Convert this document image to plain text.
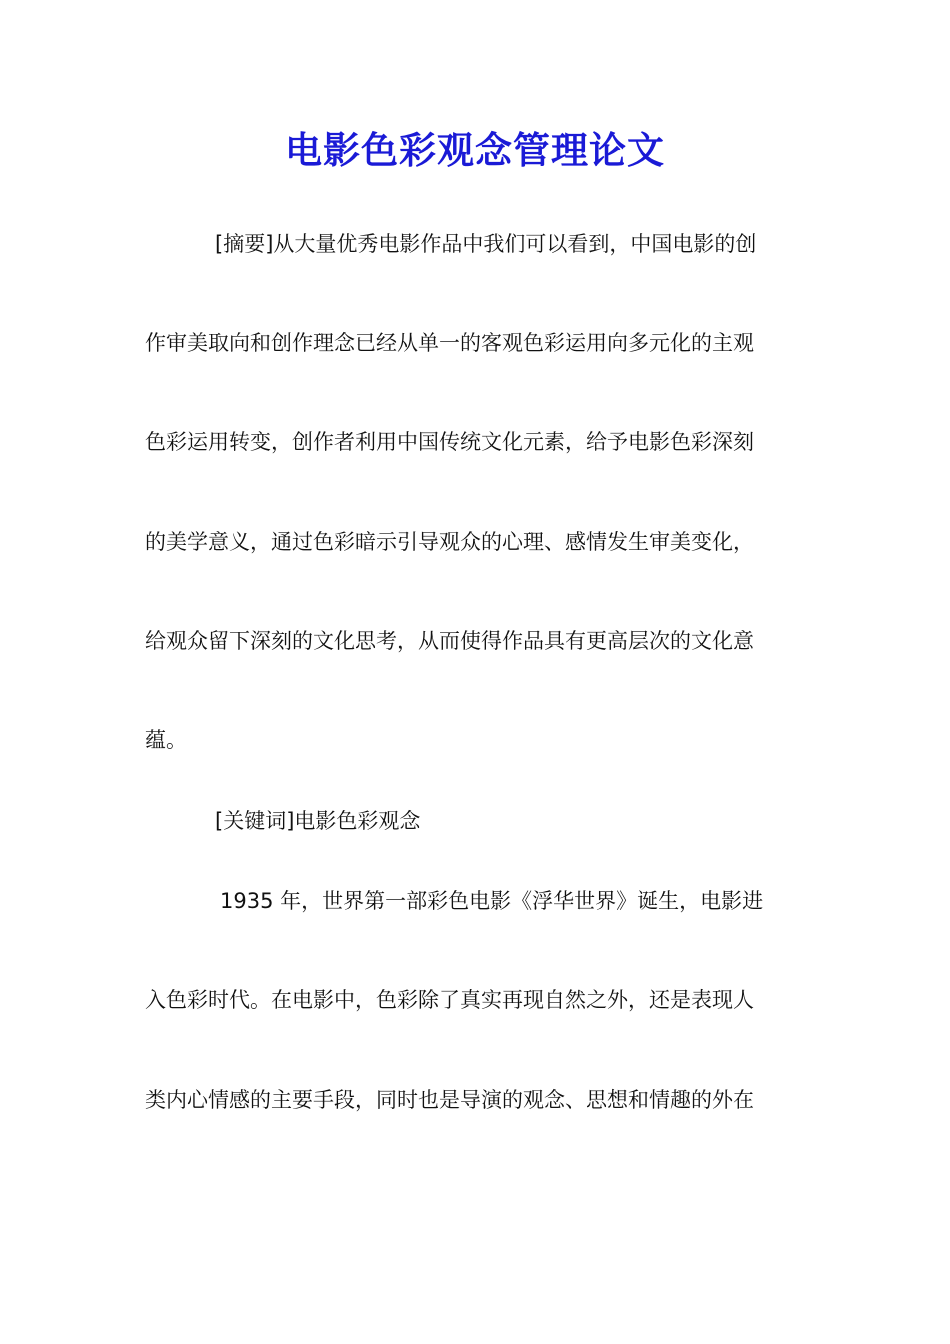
电影色彩观念管理论文
[摘要]从大量优秀电影作品中我们可以看到，中国电影的创
作审美取向和创作理念已经从单一的客观色彩运用向多元化的主观
色彩运用转变，创作者利用中国传统文化元素，给予电影色彩深刻
的美学意义，通过色彩暗示引导观众的心理、感情发生审美变化，
给观众留下深刻的文化思考，从而使得作品具有更高层次的文化意
蕴。
[关键词]电影色彩观念
1935 年，世界第一部彩色电影《浮华世界》诞生，电影进
入色彩时代。在电影中，色彩除了真实再现自然之外，还是表现人
类内心情感的主要手段，同时也是导演的观念、思想和情趣的外在
